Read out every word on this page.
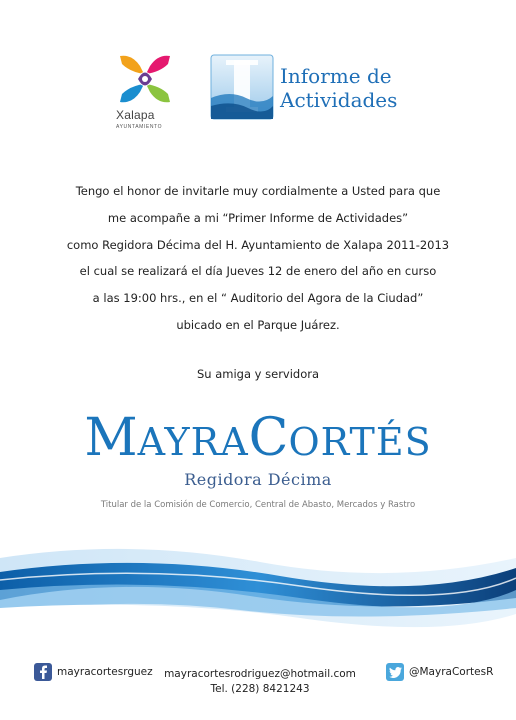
Xalapa
AYUNTAMIENTO
Informe de
Actividades

Tengo el honor de invitarle muy cordialmente a Usted para que

me acompañe a mi “Primer Informe de Actividades”

como Regidora Décima del H. Ayuntamiento de Xalapa 2011-2013

el cual se realizará el día Jueves 12 de enero del año en curso

a las 19:00 hrs., en el “ Auditorio del Agora de la Ciudad”

ubicado en el Parque Juárez.

Su amiga y servidora
MAYRACORTÉS
Regidora Décima
Titular de la Comisión de Comercio, Central de Abasto, Mercados y Rastro
mayracortesrguez	mayracortesrodriguez@hotmail.com
Tel. (228) 8421243
@MayraCortesR
